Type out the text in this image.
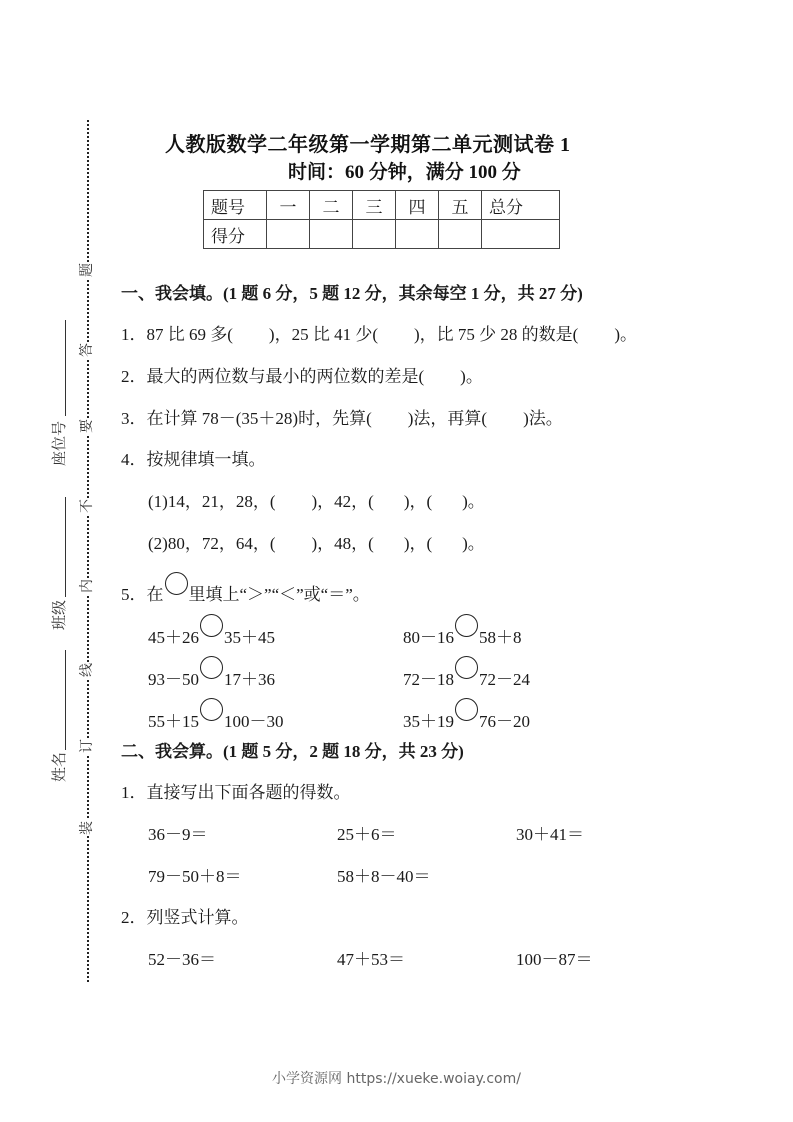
题
答
要
不
内
线
订
装
座位号
班级
姓名
人教版数学二年级第一学期第二单元测试卷 1
时间：60 分钟，满分 100 分
题号	一	二	三	四	五	总分
得分						
一、我会填。(1 题 6 分，5 题 12 分，其余每空 1 分，共 27 分)
1．87 比 69 多( )，25 比 41 少( )，比 75 少 28 的数是( )。
2．最大的两位数与最小的两位数的差是( )。
3．在计算 78－(35＋28)时，先算( )法，再算( )法。
4．按规律填一填。
(1)14，21，28，( )，42，( )，( )。
(2)80，72，64，( )，48，( )，( )。
5．在 里填上“＞”“＜”或“＝”。
45＋26 35＋45	80－16 58＋8
93－50 17＋36	72－18 72－24
55＋15 100－30	35＋19 76－20
二、我会算。(1 题 5 分，2 题 18 分，共 23 分)
1．直接写出下面各题的得数。
36－9＝	25＋6＝	30＋41＝
79－50＋8＝	58＋8－40＝
2．列竖式计算。
52－36＝	47＋53＝	100－87＝
小学资源网 https://xueke.woiay.com/
